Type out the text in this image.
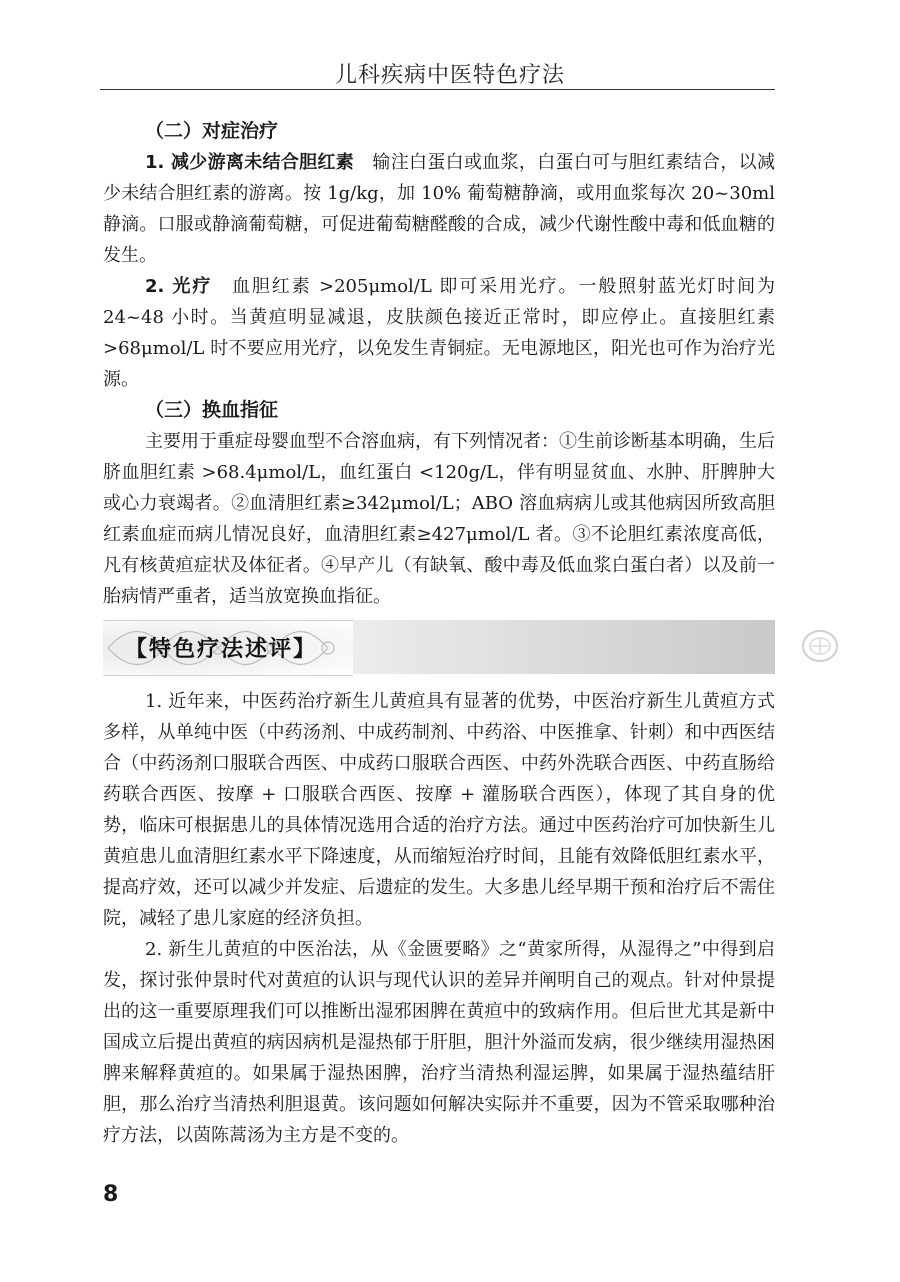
儿科疾病中医特色疗法

（二）对症治疗

1. 减少游离未结合胆红素　输注白蛋白或血浆，白蛋白可与胆红素结合，以减少未结合胆红素的游离。按 1g/kg，加 10% 葡萄糖静滴，或用血浆每次 20~30ml 静滴。口服或静滴葡萄糖，可促进葡萄糖醛酸的合成，减少代谢性酸中毒和低血糖的发生。

2. 光疗　血胆红素 >205μmol/L 即可采用光疗。一般照射蓝光灯时间为 24~48 小时。当黄疸明显减退，皮肤颜色接近正常时，即应停止。直接胆红素 >68μmol/L 时不要应用光疗，以免发生青铜症。无电源地区，阳光也可作为治疗光源。

（三）换血指征

主要用于重症母婴血型不合溶血病，有下列情况者：①生前诊断基本明确，生后脐血胆红素 >68.4μmol/L，血红蛋白 <120g/L，伴有明显贫血、水肿、肝脾肿大或心力衰竭者。②血清胆红素≥342μmol/L；ABO 溶血病病儿或其他病因所致高胆红素血症而病儿情况良好，血清胆红素≥427μmol/L 者。③不论胆红素浓度高低，凡有核黄疸症状及体征者。④早产儿（有缺氧、酸中毒及低血浆白蛋白者）以及前一胎病情严重者，适当放宽换血指征。

【特色疗法述评】

1. 近年来，中医药治疗新生儿黄疸具有显著的优势，中医治疗新生儿黄疸方式多样，从单纯中医（中药汤剂、中成药制剂、中药浴、中医推拿、针刺）和中西医结合（中药汤剂口服联合西医、中成药口服联合西医、中药外洗联合西医、中药直肠给药联合西医、按摩 + 口服联合西医、按摩 + 灌肠联合西医），体现了其自身的优势，临床可根据患儿的具体情况选用合适的治疗方法。通过中医药治疗可加快新生儿黄疸患儿血清胆红素水平下降速度，从而缩短治疗时间，且能有效降低胆红素水平，提高疗效，还可以减少并发症、后遗症的发生。大多患儿经早期干预和治疗后不需住院，减轻了患儿家庭的经济负担。

2. 新生儿黄疸的中医治法，从《金匮要略》之“黄家所得，从湿得之”中得到启发，探讨张仲景时代对黄疸的认识与现代认识的差异并阐明自己的观点。针对仲景提出的这一重要原理我们可以推断出湿邪困脾在黄疸中的致病作用。但后世尤其是新中国成立后提出黄疸的病因病机是湿热郁于肝胆，胆汁外溢而发病，很少继续用湿热困脾来解释黄疸的。如果属于湿热困脾，治疗当清热利湿运脾，如果属于湿热蕴结肝胆，那么治疗当清热利胆退黄。该问题如何解决实际并不重要，因为不管采取哪种治疗方法，以茵陈蒿汤为主方是不变的。

8
